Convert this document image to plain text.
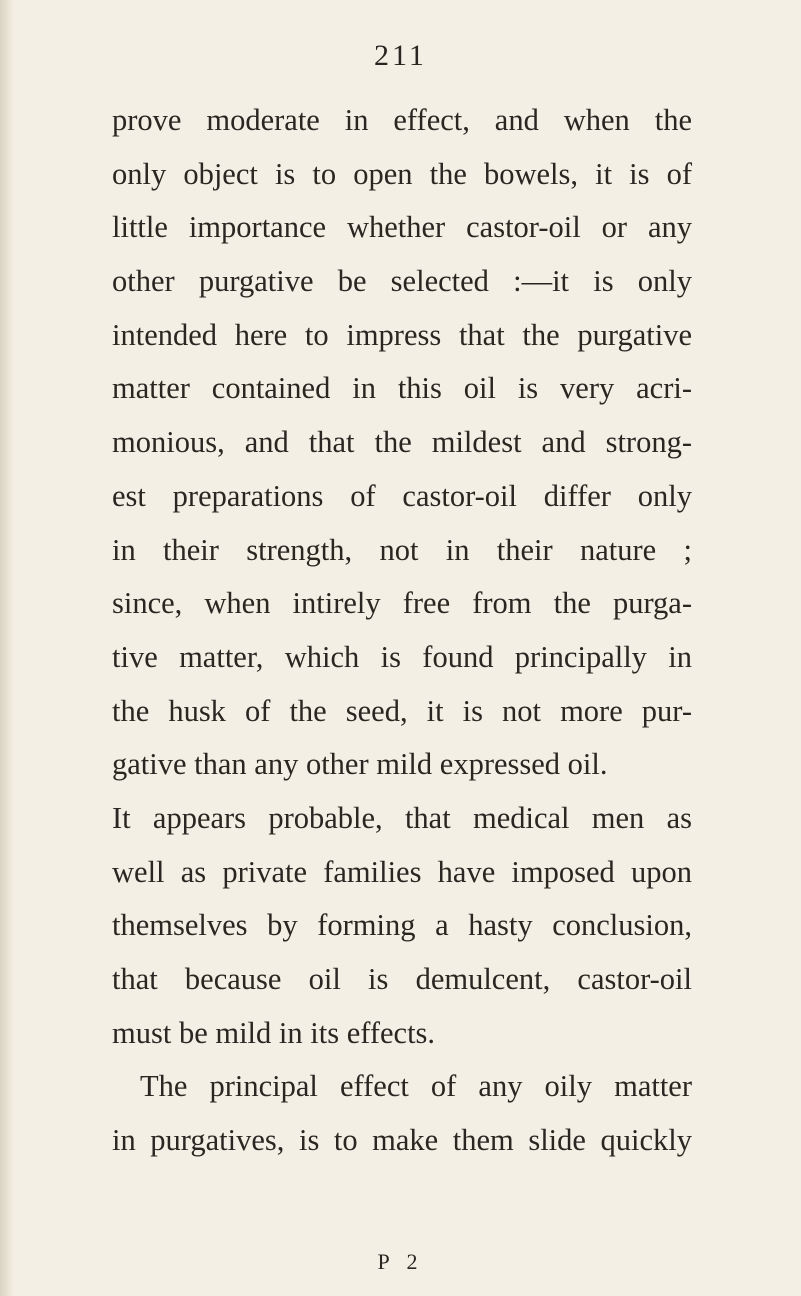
211
prove moderate in effect, and when the
only object is to open the bowels, it is of
little importance whether castor-oil or any
other purgative be selected :—it is only
intended here to impress that the purgative
matter contained in this oil is very acri-
monious, and that the mildest and strong-
est preparations of castor-oil differ only
in their strength, not in their nature ;
since, when intirely free from the purga-
tive matter, which is found principally in
the husk of the seed, it is not more pur-
gative than any other mild expressed oil.
It appears probable, that medical men as
well as private families have imposed upon
themselves by forming a hasty conclusion,
that because oil is demulcent, castor-oil
must be mild in its effects.
The principal effect of any oily matter
in purgatives, is to make them slide quickly
P 2
